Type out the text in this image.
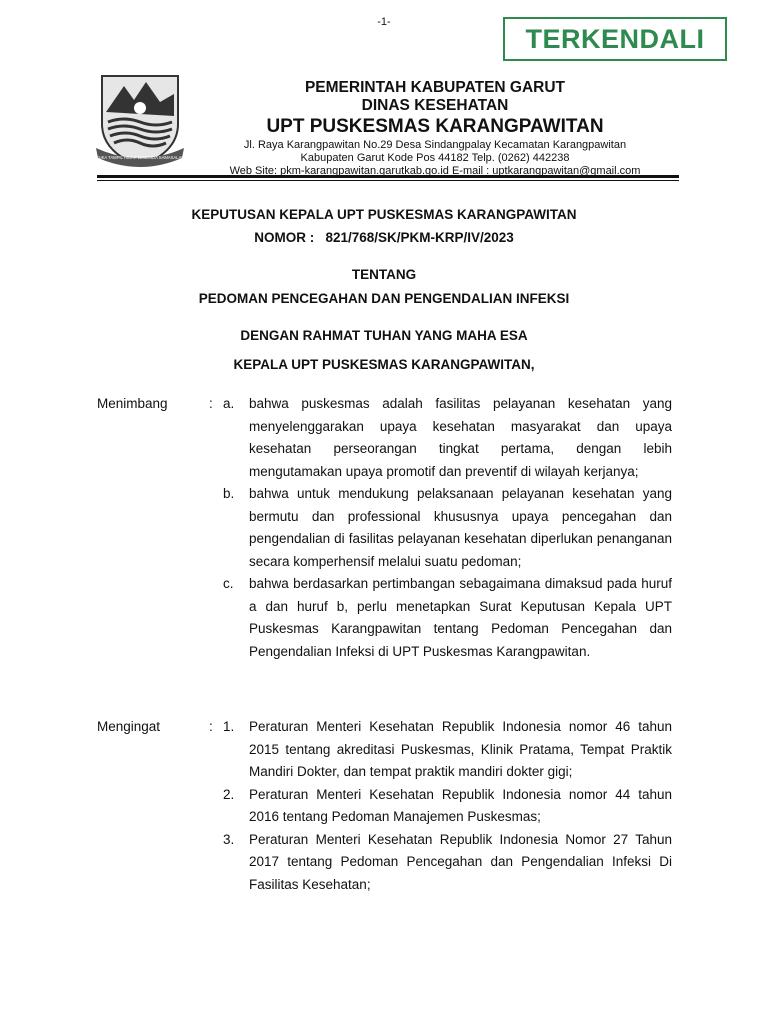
-1-
TERKENDALI
SUKA TAMPIL HIBAR LEGENDA SAMASALAK
PEMERINTAH KABUPATEN GARUT
DINAS KESEHATAN
UPT PUSKESMAS KARANGPAWITAN
Jl. Raya Karangpawitan No.29 Desa Sindangpalay Kecamatan Karangpawitan
Kabupaten Garut Kode Pos 44182 Telp. (0262) 442238
Web Site: pkm-karangpawitan.garutkab.go.id E-mail : uptkarangpawitan@gmail.com
KEPUTUSAN KEPALA UPT PUSKESMAS KARANGPAWITAN
NOMOR :   821/768/SK/PKM-KRP/IV/2023
TENTANG
PEDOMAN PENCEGAHAN DAN PENGENDALIAN INFEKSI
DENGAN RAHMAT TUHAN YANG MAHA ESA
KEPALA UPT PUSKESMAS KARANGPAWITAN,
Menimbang	: a.	bahwa puskesmas adalah fasilitas pelayanan kesehatan yang menyelenggarakan upaya kesehatan masyarakat dan upaya kesehatan perseorangan tingkat pertama, dengan lebih mengutamakan upaya promotif dan preventif di wilayah kerjanya;
b.	bahwa untuk mendukung pelaksanaan pelayanan kesehatan yang bermutu dan professional khususnya upaya pencegahan dan pengendalian di fasilitas pelayanan kesehatan diperlukan penanganan secara komperhensif melalui suatu pedoman;
c.	bahwa berdasarkan pertimbangan sebagaimana dimaksud pada huruf a dan huruf b, perlu menetapkan Surat Keputusan Kepala UPT Puskesmas Karangpawitan tentang Pedoman Pencegahan dan Pengendalian Infeksi di UPT Puskesmas Karangpawitan.
Mengingat	: 1.	Peraturan Menteri Kesehatan Republik Indonesia nomor 46 tahun 2015 tentang akreditasi Puskesmas, Klinik Pratama, Tempat Praktik Mandiri Dokter, dan tempat praktik mandiri dokter gigi;
2.	Peraturan Menteri Kesehatan Republik Indonesia nomor 44 tahun 2016 tentang Pedoman Manajemen Puskesmas;
3.	Peraturan Menteri Kesehatan Republik Indonesia Nomor 27 Tahun 2017 tentang Pedoman Pencegahan dan Pengendalian Infeksi Di Fasilitas Kesehatan;
